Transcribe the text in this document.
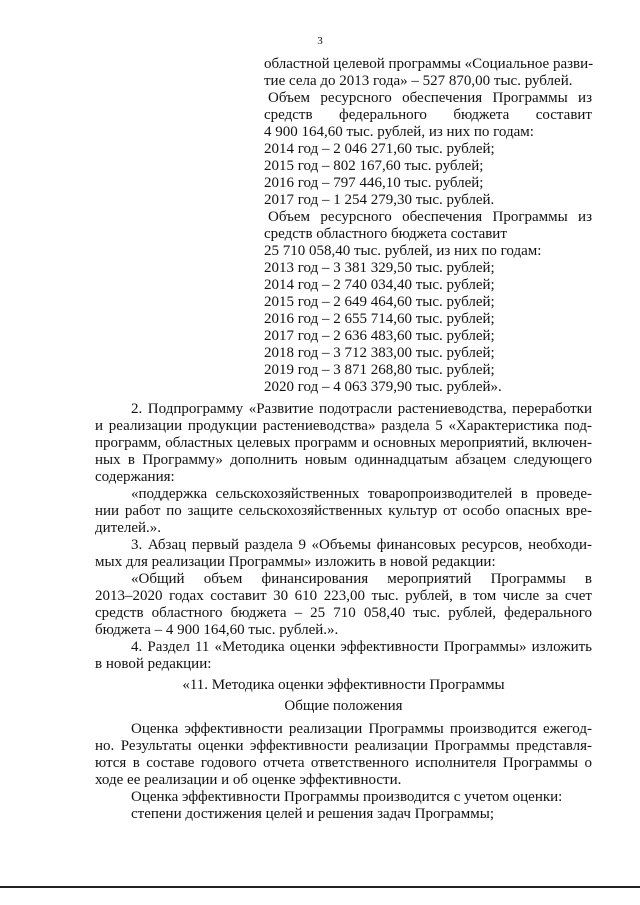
3
областной целевой программы «Социальное разви-
тие села до 2013 года» – 527 870,00 тыс. рублей.
Объем ресурсного обеспечения Программы из
средств федерального бюджета составит
4 900 164,60 тыс. рублей, из них по годам:
2014 год – 2 046 271,60 тыс. рублей;
2015 год – 802 167,60 тыс. рублей;
2016 год – 797 446,10 тыс. рублей;
2017 год – 1 254 279,30 тыс. рублей.
Объем ресурсного обеспечения Программы из
средств областного бюджета составит
25 710 058,40 тыс. рублей, из них по годам:
2013 год – 3 381 329,50 тыс. рублей;
2014 год – 2 740 034,40 тыс. рублей;
2015 год – 2 649 464,60 тыс. рублей;
2016 год – 2 655 714,60 тыс. рублей;
2017 год – 2 636 483,60 тыс. рублей;
2018 год – 3 712 383,00 тыс. рублей;
2019 год – 3 871 268,80 тыс. рублей;
2020 год – 4 063 379,90 тыс. рублей».
2. Подпрограмму «Развитие подотрасли растениеводства, переработки
и реализации продукции растениеводства» раздела 5 «Характеристика под-
программ, областных целевых программ и основных мероприятий, включен-
ных в Программу» дополнить новым одиннадцатым абзацем следующего
содержания:
«поддержка сельскохозяйственных товаропроизводителей в проведе-
нии работ по защите сельскохозяйственных культур от особо опасных вре-
дителей.».
3. Абзац первый раздела 9 «Объемы финансовых ресурсов, необходи-
мых для реализации Программы» изложить в новой редакции:
«Общий объем финансирования мероприятий Программы в
2013–2020 годах составит 30 610 223,00 тыс. рублей, в том числе за счет
средств областного бюджета – 25 710 058,40 тыс. рублей, федерального
бюджета – 4 900 164,60 тыс. рублей.».
4. Раздел 11 «Методика оценки эффективности Программы» изложить
в новой редакции:
«11. Методика оценки эффективности Программы
Общие положения
Оценка эффективности реализации Программы производится ежегод-
но. Результаты оценки эффективности реализации Программы представля-
ются в составе годового отчета ответственного исполнителя Программы о
ходе ее реализации и об оценке эффективности.
Оценка эффективности Программы производится с учетом оценки:
степени достижения целей и решения задач Программы;
